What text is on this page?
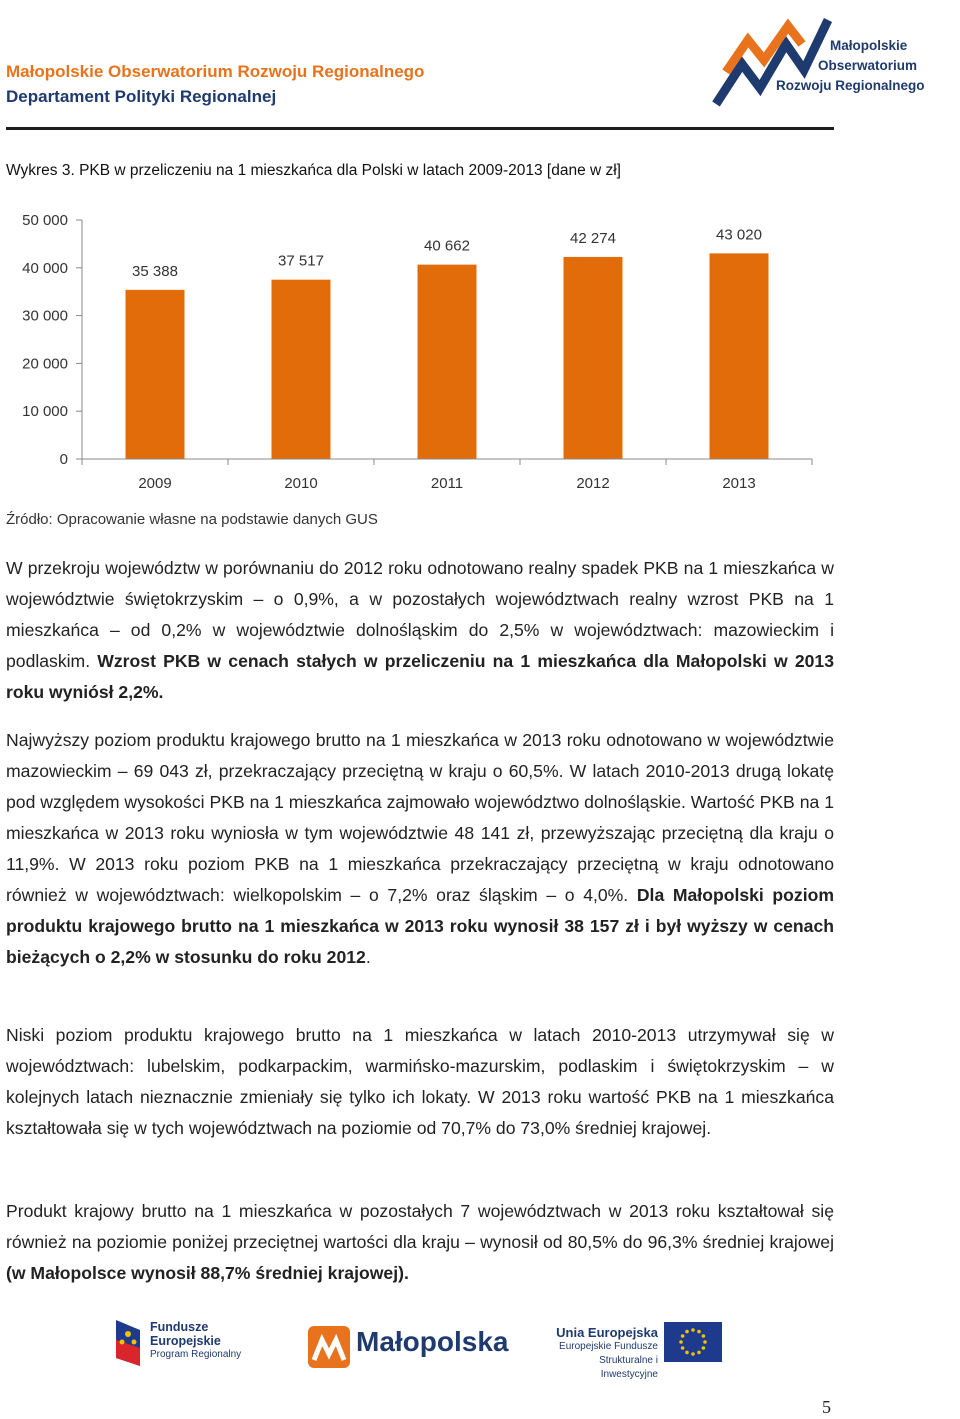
Małopolskie Obserwatorium Rozwoju Regionalnego
Departament Polityki Regionalnej
Małopolskie
Obserwatorium
Rozwoju Regionalnego
Wykres 3. PKB w przeliczeniu na 1 mieszkańca dla Polski w latach 2009-2013 [dane w zł]
0
10 000
20 000
30 000
40 000
50 000
35 388
37 517
40 662	42 274	43 020
2009	2010	2011	2012	2013
Źródło: Opracowanie własne na podstawie danych GUS

W przekroju województw w porównaniu do 2012 roku odnotowano realny spadek PKB na 1 mieszkańca w województwie świętokrzyskim – o 0,9%, a w pozostałych województwach realny wzrost PKB na 1 mieszkańca – od 0,2% w województwie dolnośląskim do 2,5% w województwach: mazowieckim i podlaskim. Wzrost PKB w cenach stałych w przeliczeniu na 1 mieszkańca dla Małopolski w 2013 roku wyniósł 2,2%.

Najwyższy poziom produktu krajowego brutto na 1 mieszkańca w 2013 roku odnotowano w województwie mazowieckim – 69 043 zł, przekraczający przeciętną w kraju o 60,5%. W latach 2010-2013 drugą lokatę pod względem wysokości PKB na 1 mieszkańca zajmowało województwo dolnośląskie. Wartość PKB na 1 mieszkańca w 2013 roku wyniosła w tym województwie 48 141 zł, przewyższając przeciętną dla kraju o 11,9%. W 2013 roku poziom PKB na 1 mieszkańca przekraczający przeciętną w kraju odnotowano również w województwach: wielkopolskim – o 7,2% oraz śląskim – o 4,0%. Dla Małopolski poziom produktu krajowego brutto na 1 mieszkańca w 2013 roku wynosił 38 157 zł i był wyższy w cenach bieżących o 2,2% w stosunku do roku 2012.

Niski poziom produktu krajowego brutto na 1 mieszkańca w latach 2010-2013 utrzymywał się w województwach: lubelskim, podkarpackim, warmińsko-mazurskim, podlaskim i świętokrzyskim – w kolejnych latach nieznacznie zmieniały się tylko ich lokaty. W 2013 roku wartość PKB na 1 mieszkańca kształtowała się w tych województwach na poziomie od 70,7% do 73,0% średniej krajowej.

Produkt krajowy brutto na 1 mieszkańca w pozostałych 7 województwach w 2013 roku kształtował się również na poziomie poniżej przeciętnej wartości dla kraju – wynosił od 80,5% do 96,3% średniej krajowej (w Małopolsce wynosił 88,7% średniej krajowej).

Fundusze
Europejskie
Program Regionalny	Małopolska	Unia Europejska
Europejskie Fundusze
Strukturalne i Inwestycyjne
5
